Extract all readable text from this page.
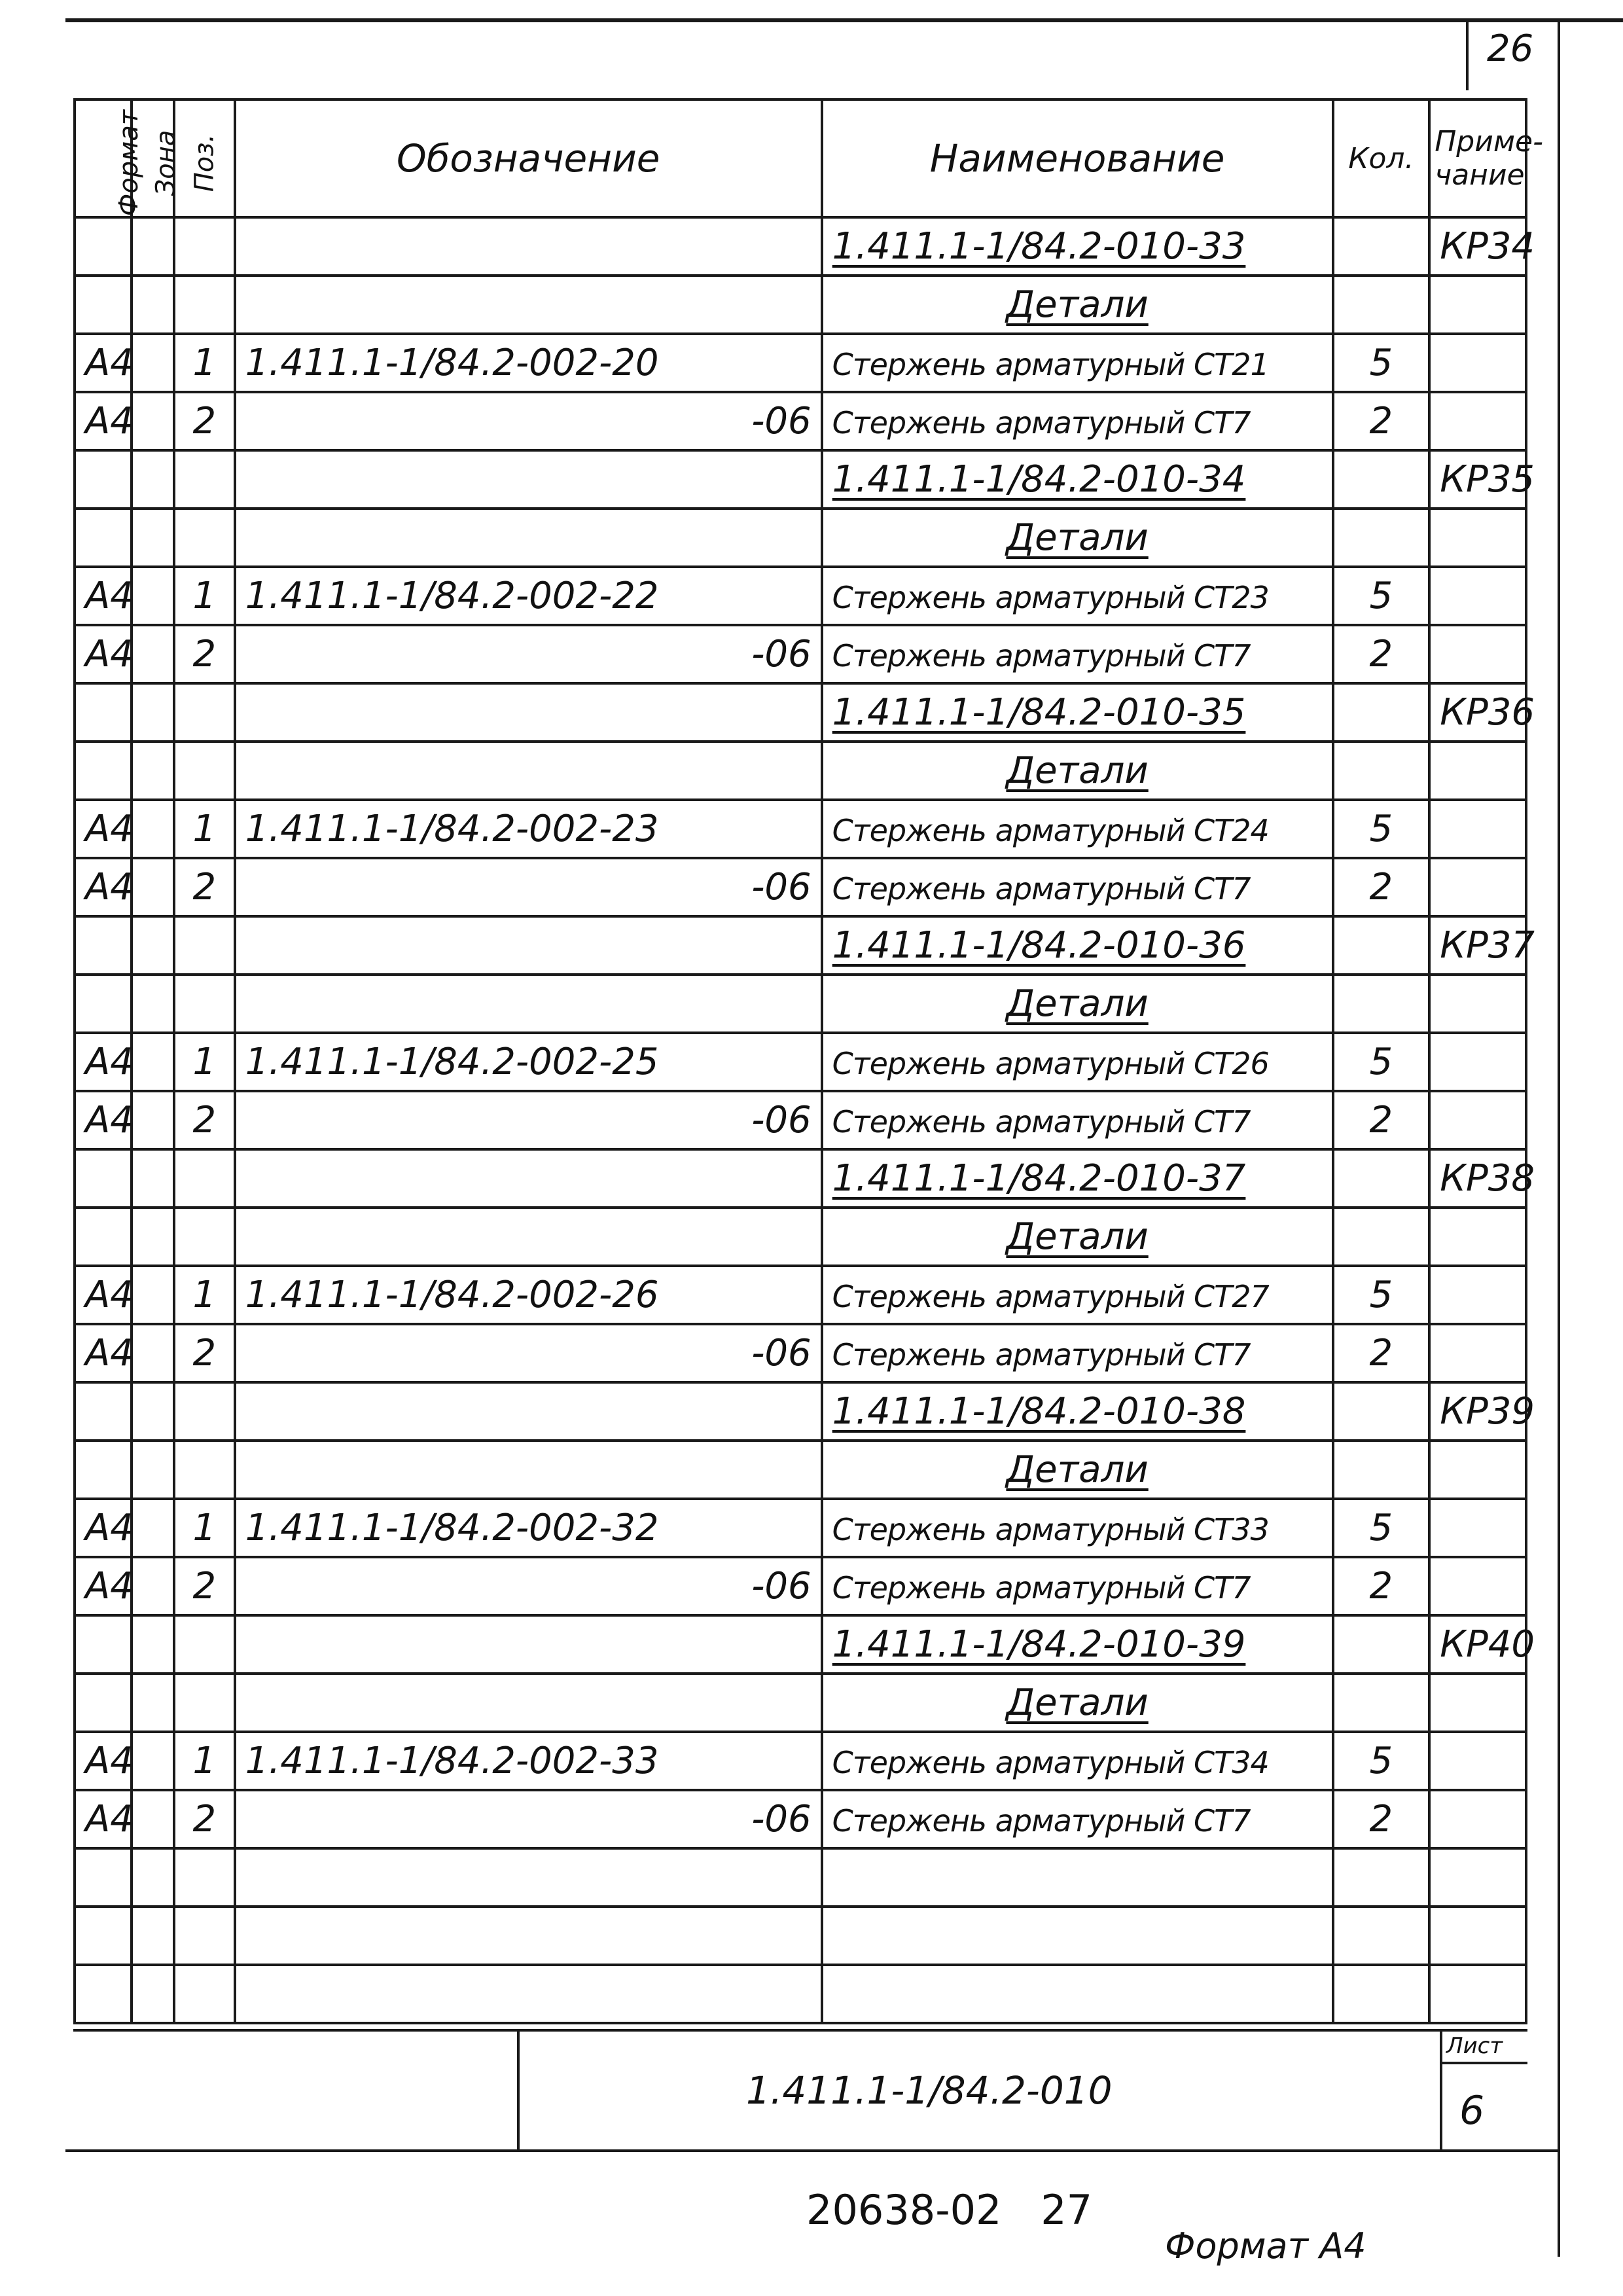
26
Формат	Зона	Поз.	Обозначение	Наименование	Кол.	Приме-чание
				1.411.1-1/84.2-010-33		КР34
				Детали		
А4		1	1.411.1-1/84.2-002-20	Стержень арматурный СТ21	5	
А4		2	-06	Стержень арматурный СТ7	2	
				1.411.1-1/84.2-010-34		КР35
				Детали		
А4		1	1.411.1-1/84.2-002-22	Стержень арматурный СТ23	5	
А4		2	-06	Стержень арматурный СТ7	2	
				1.411.1-1/84.2-010-35		КР36
				Детали		
А4		1	1.411.1-1/84.2-002-23	Стержень арматурный СТ24	5	
А4		2	-06	Стержень арматурный СТ7	2	
				1.411.1-1/84.2-010-36		КР37
				Детали		
А4		1	1.411.1-1/84.2-002-25	Стержень арматурный СТ26	5	
А4		2	-06	Стержень арматурный СТ7	2	
				1.411.1-1/84.2-010-37		КР38
				Детали		
А4		1	1.411.1-1/84.2-002-26	Стержень арматурный СТ27	5	
А4		2	-06	Стержень арматурный СТ7	2	
				1.411.1-1/84.2-010-38		КР39
				Детали		
А4		1	1.411.1-1/84.2-002-32	Стержень арматурный СТ33	5	
А4		2	-06	Стержень арматурный СТ7	2	
				1.411.1-1/84.2-010-39		КР40
				Детали		
А4		1	1.411.1-1/84.2-002-33	Стержень арматурный СТ34	5	
А4		2	-06	Стержень арматурный СТ7	2	

1.411.1-1/84.2-010
Лист
6
20638-02 27
Формат А4
